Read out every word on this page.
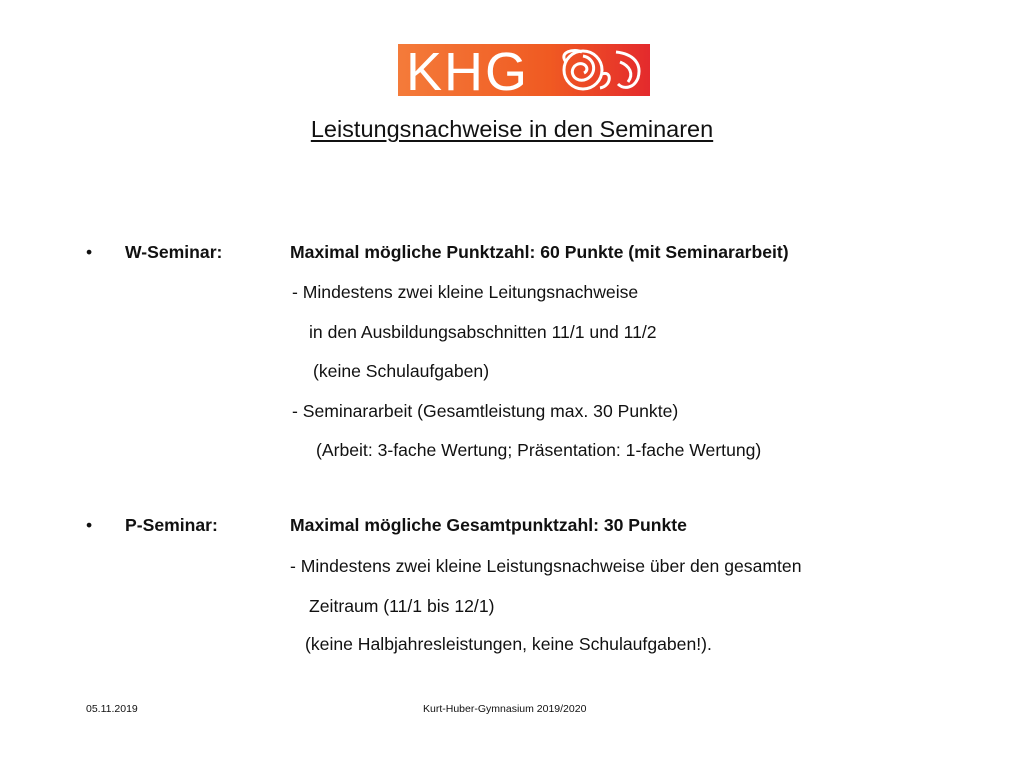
KHG
Leistungsnachweise in den Seminaren
• W-Seminar:	Maximal mögliche Punktzahl: 60 Punkte (mit Seminararbeit)
- Mindestens zwei kleine Leitungsnachweise
in den Ausbildungsabschnitten 11/1 und 11/2
(keine Schulaufgaben)
- Seminararbeit (Gesamtleistung max. 30 Punkte)
(Arbeit: 3-fache Wertung; Präsentation: 1-fache Wertung)
• P-Seminar:	Maximal mögliche Gesamtpunktzahl: 30 Punkte
- Mindestens zwei kleine Leistungsnachweise über den gesamten
Zeitraum (11/1 bis 12/1)
(keine Halbjahresleistungen, keine Schulaufgaben!).
05.11.2019	Kurt-Huber-Gymnasium 2019/2020
